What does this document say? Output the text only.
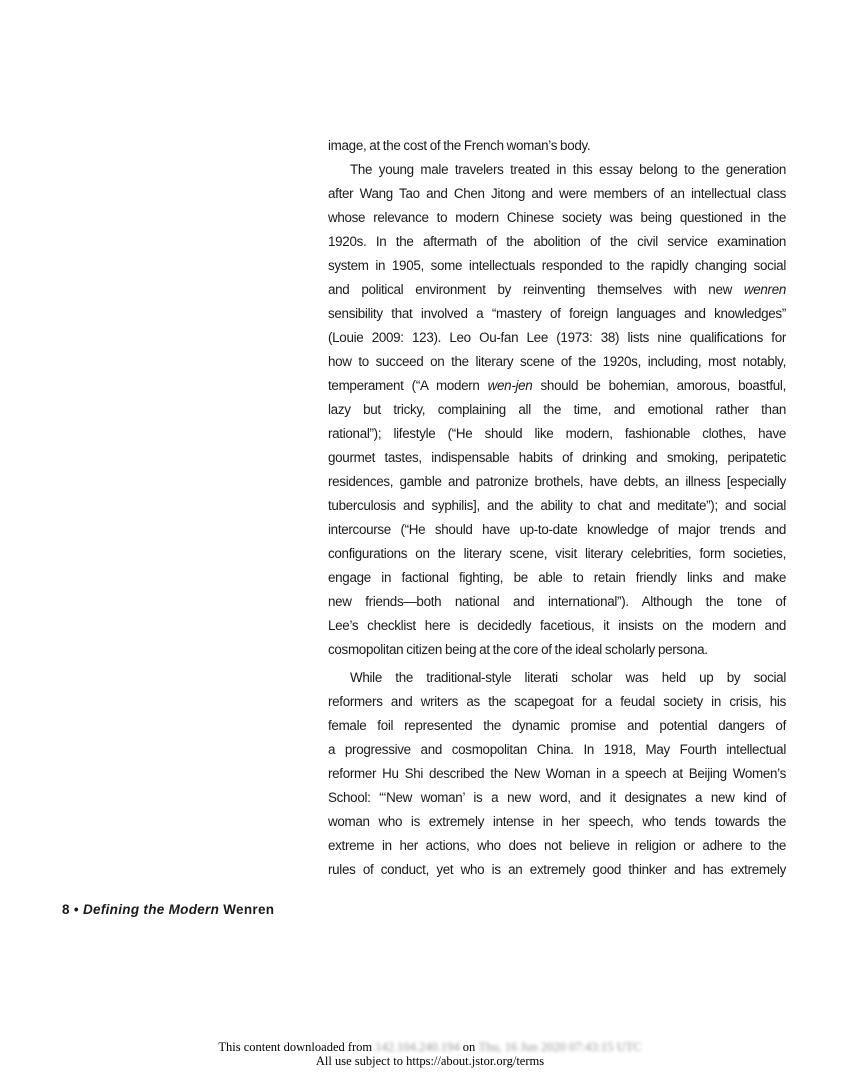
image, at the cost of the French woman’s body.
The young male travelers treated in this essay belong to the generation
after Wang Tao and Chen Jitong and were members of an intellectual class
whose relevance to modern Chinese society was being questioned in the
1920s. In the aftermath of the abolition of the civil service examination
system in 1905, some intellectuals responded to the rapidly changing social
and political environment by reinventing themselves with new wenren
sensibility that involved a “mastery of foreign languages and knowledges”
(Louie 2009: 123). Leo Ou-fan Lee (1973: 38) lists nine qualifications for
how to succeed on the literary scene of the 1920s, including, most notably,
temperament (“A modern wen-jen should be bohemian, amorous, boastful,
lazy but tricky, complaining all the time, and emotional rather than
rational”); lifestyle (“He should like modern, fashionable clothes, have
gourmet tastes, indispensable habits of drinking and smoking, peripatetic
residences, gamble and patronize brothels, have debts, an illness [especially
tuberculosis and syphilis], and the ability to chat and meditate”); and social
intercourse (“He should have up-to-date knowledge of major trends and
configurations on the literary scene, visit literary celebrities, form societies,
engage in factional fighting, be able to retain friendly links and make
new friends—both national and international”). Although the tone of
Lee’s checklist here is decidedly facetious, it insists on the modern and
cosmopolitan citizen being at the core of the ideal scholarly persona.
While the traditional-style literati scholar was held up by social
reformers and writers as the scapegoat for a feudal society in crisis, his
female foil represented the dynamic promise and potential dangers of
a progressive and cosmopolitan China. In 1918, May Fourth intellectual
reformer Hu Shi described the New Woman in a speech at Beijing Women’s
School: “‘New woman’ is a new word, and it designates a new kind of
woman who is extremely intense in her speech, who tends towards the
extreme in her actions, who does not believe in religion or adhere to the
rules of conduct, yet who is an extremely good thinker and has extremely
8 • Defining the Modern Wenren
This content downloaded from 142.104.240.194 on Thu, 16 Jun 2020 07:43:15 UTC
All use subject to https://about.jstor.org/terms
